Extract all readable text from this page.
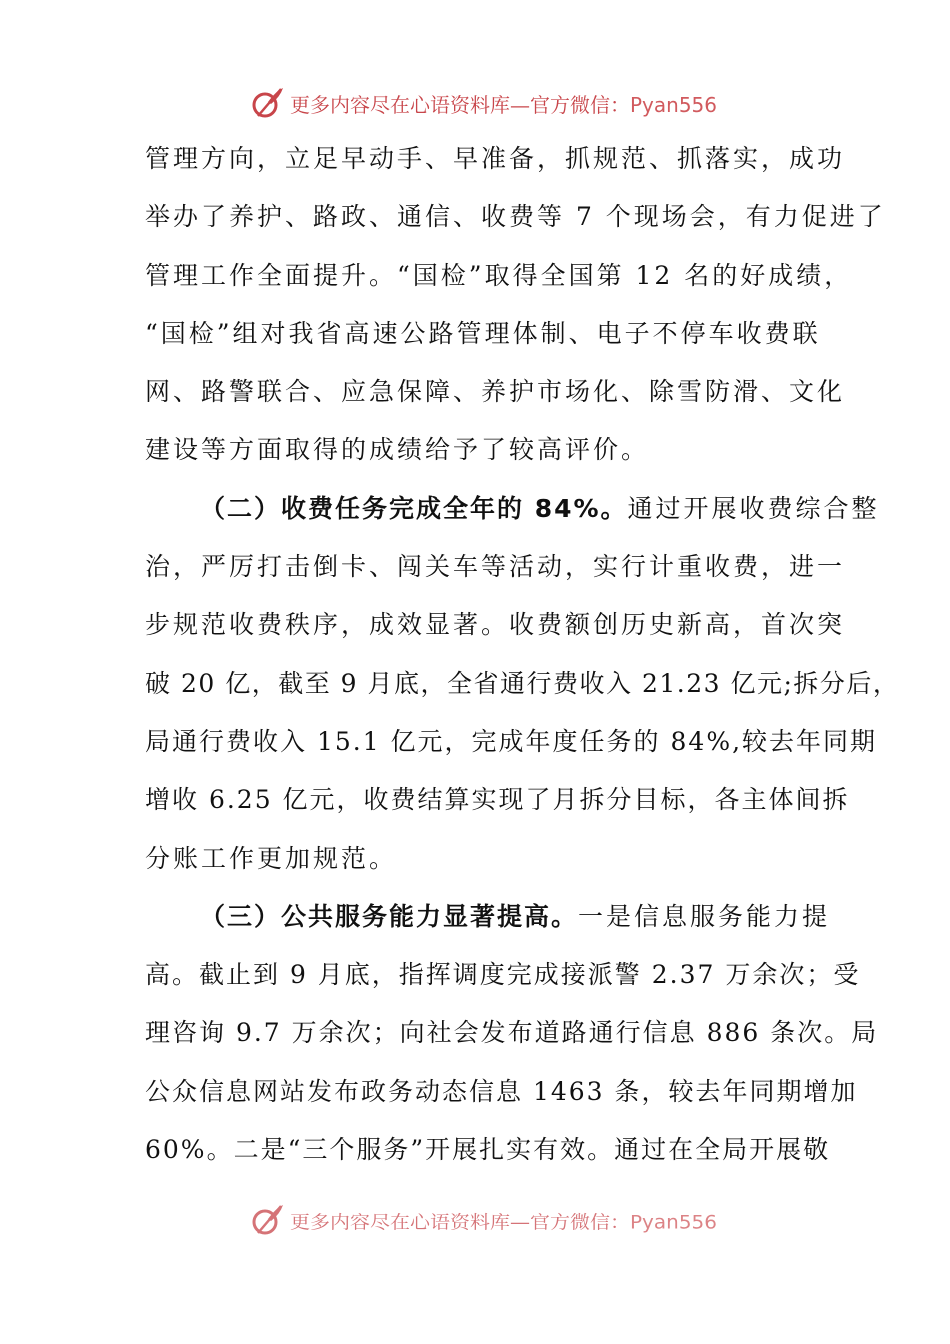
更多内容尽在心语资料库—官方微信：Pyan556
管理方向，立足早动手、早准备，抓规范、抓落实，成功
举办了养护、路政、通信、收费等 7 个现场会，有力促进了
管理工作全面提升。“国检”取得全国第 12 名的好成绩，
“国检”组对我省高速公路管理体制、电子不停车收费联
网、路警联合、应急保障、养护市场化、除雪防滑、文化
建设等方面取得的成绩给予了较高评价。
（二）收费任务完成全年的 84%。通过开展收费综合整
治，严厉打击倒卡、闯关车等活动，实行计重收费，进一
步规范收费秩序，成效显著。收费额创历史新高，首次突
破 20 亿，截至 9 月底，全省通行费收入 21.23 亿元;拆分后，
局通行费收入 15.1 亿元，完成年度任务的 84%,较去年同期
增收 6.25 亿元，收费结算实现了月拆分目标，各主体间拆
分账工作更加规范。
（三）公共服务能力显著提高。一是信息服务能力提
高。截止到 9 月底，指挥调度完成接派警 2.37 万余次；受
理咨询 9.7 万余次；向社会发布道路通行信息 886 条次。局
公众信息网站发布政务动态信息 1463 条，较去年同期增加
60%。二是“三个服务”开展扎实有效。通过在全局开展敬
更多内容尽在心语资料库—官方微信：Pyan556
